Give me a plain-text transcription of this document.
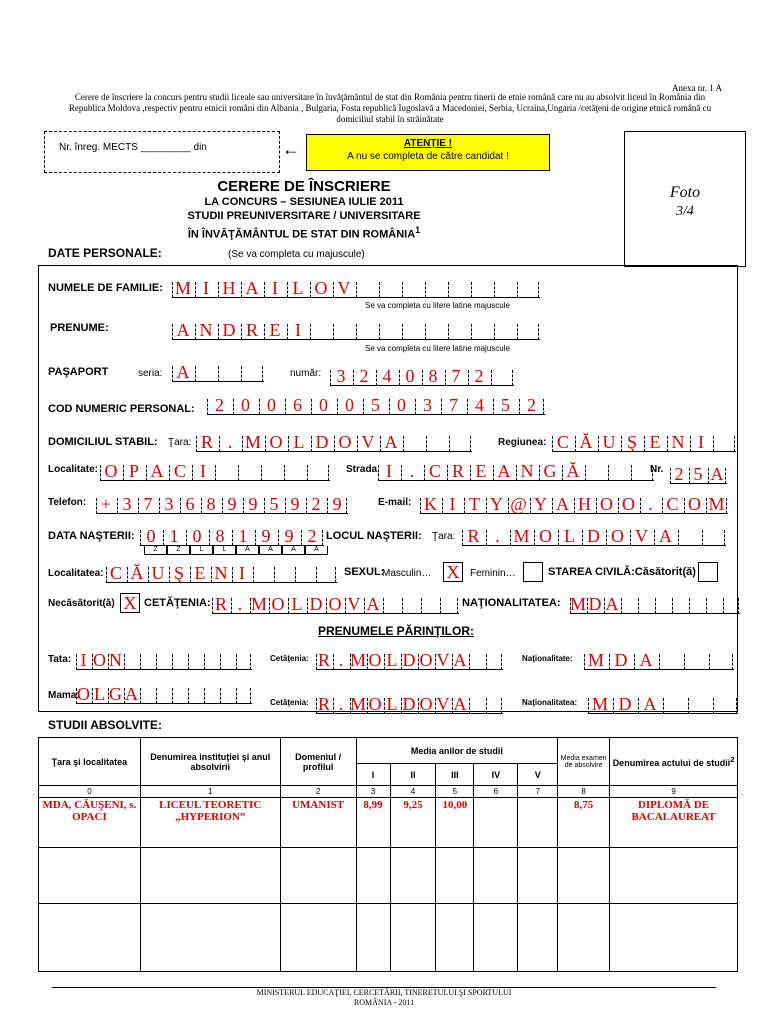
Anexa nr. 1 A
Cerere de înscriere la concurs pentru studii liceale sau universitare în învăţământul de stat din România pentru tinerii de etnie română care nu au absolvit liceul în România din Republica Moldova ,respectiv pentru etnicii români din Albania , Bulgaria, Fosta republică Iugoslavă a Macedoniei, Serbia, Ucraina,Ungaria /cetăţeni de origine etnică română cu domiciliul stabil în străinătate
Nr. înreg. MECTS _________ din	←	ATENŢIE !
A nu se completa de către candidat !
Foto
3/4
CERERE DE ÎNSCRIERE
LA CONCURS – SESIUNEA IULIE 2011
STUDII PREUNIVERSITARE / UNIVERSITARE
ÎN ÎNVĂŢĂMÂNTUL DE STAT DIN ROMÂNIA$^1$
DATE PERSONALE:	(Se va completa cu majuscule)
NUMELE DE FAMILIE: M I H A I L O V
Se va completa cu litere latine majuscule
PRENUME:	A N D R E I
Se va completa cu litere latine majuscule
PAŞAPORT	seria: A	număr: 3 2 4 0 8 7 2
COD NUMERIC PERSONAL:	2 0 0 6 0 0 5 0 3 7 4 5 2
DOMICILIUL STABIL: Ţara: R . M O L D O V A	Regiunea: C Ă U Ş E N I
Localitate: O P A C I	Strada I . C R E A N G Ă	Nr. 2 5 A
Telefon: + 3 7 3 6 8 9 9 5 9 2 9	E-mail: K I T Y @ Y A H O O . C O M
DATA NAŞTERII: 0 1 0 8 1 9 9 2
Z	Z	L	L	A	A	A	A
LOCUL NAŞTERII: Ţara: R . M O L D O V A
Localitatea: C Ă U Ş E N I	SEXUL:
Masculin… X	Feminin…	STAREA CIVILĂ:Căsătorit(ă)
Necăsătorit(ă) X CETĂŢENIA: R . M O L D O V A	NAŢIONALITATEA: M D A
PRENUMELE PĂRINŢILOR:
Tata: I O N	Cetăţenia: R . M O L D O V A	Naţionalitate: M D A
Mama:
O L G A	Cetăţenia: R . M O L D O V A	Naţionalitatea: M D A
STUDII ABSOLVITE:
Ţara şi localitatea	Denumirea instituţiei şi anul absolvirii	Domeniul / profilul	Media anilor de studii					Media examen de absolvire	Denumirea actului de studii$^2$
			I	II	III	IV	V		
0	1	2	3	4	5	6	7	8	9
MDA, CĂUŞENI, s. OPACI	LICEUL TEORETIC „HYPERION”	UMANIST	8,99	9,25	10,00			8,75	DIPLOMĂ DE BACALAUREAT

MINISTERUL EDUCAŢIEI, CERCETĂRII, TINERETULUI ŞI SPORTULUI
ROMÂNIA - 2011
